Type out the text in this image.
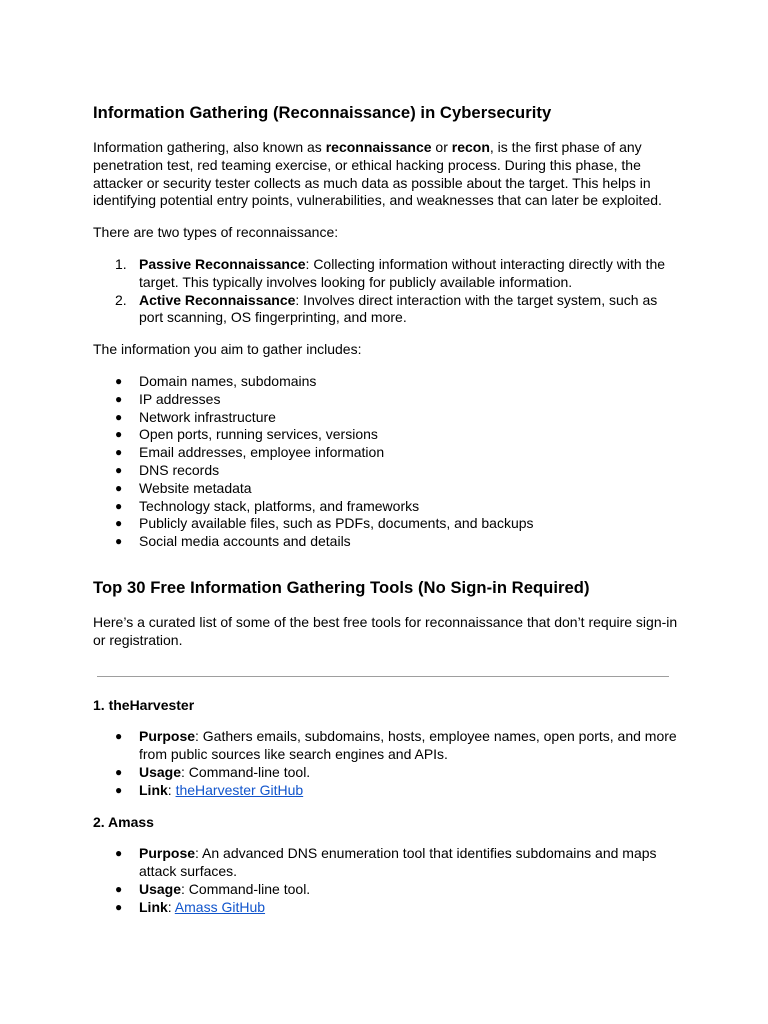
Information Gathering (Reconnaissance) in Cybersecurity

Information gathering, also known as reconnaissance or recon, is the first phase of any penetration test, red teaming exercise, or ethical hacking process. During this phase, the attacker or security tester collects as much data as possible about the target. This helps in identifying potential entry points, vulnerabilities, and weaknesses that can later be exploited.

There are two types of reconnaissance:

1. Passive Reconnaissance: Collecting information without interacting directly with the target. This typically involves looking for publicly available information.
2. Active Reconnaissance: Involves direct interaction with the target system, such as port scanning, OS fingerprinting, and more.

The information you aim to gather includes:

● Domain names, subdomains
● IP addresses
● Network infrastructure
● Open ports, running services, versions
● Email addresses, employee information
● DNS records
● Website metadata
● Technology stack, platforms, and frameworks
● Publicly available files, such as PDFs, documents, and backups
● Social media accounts and details
Top 30 Free Information Gathering Tools (No Sign-in Required)

Here’s a curated list of some of the best free tools for reconnaissance that don’t require sign-in or registration.

1. theHarvester
● Purpose: Gathers emails, subdomains, hosts, employee names, open ports, and more from public sources like search engines and APIs.
● Usage: Command-line tool.
● Link: theHarvester GitHub
2. Amass
● Purpose: An advanced DNS enumeration tool that identifies subdomains and maps attack surfaces.
● Usage: Command-line tool.
● Link: Amass GitHub
